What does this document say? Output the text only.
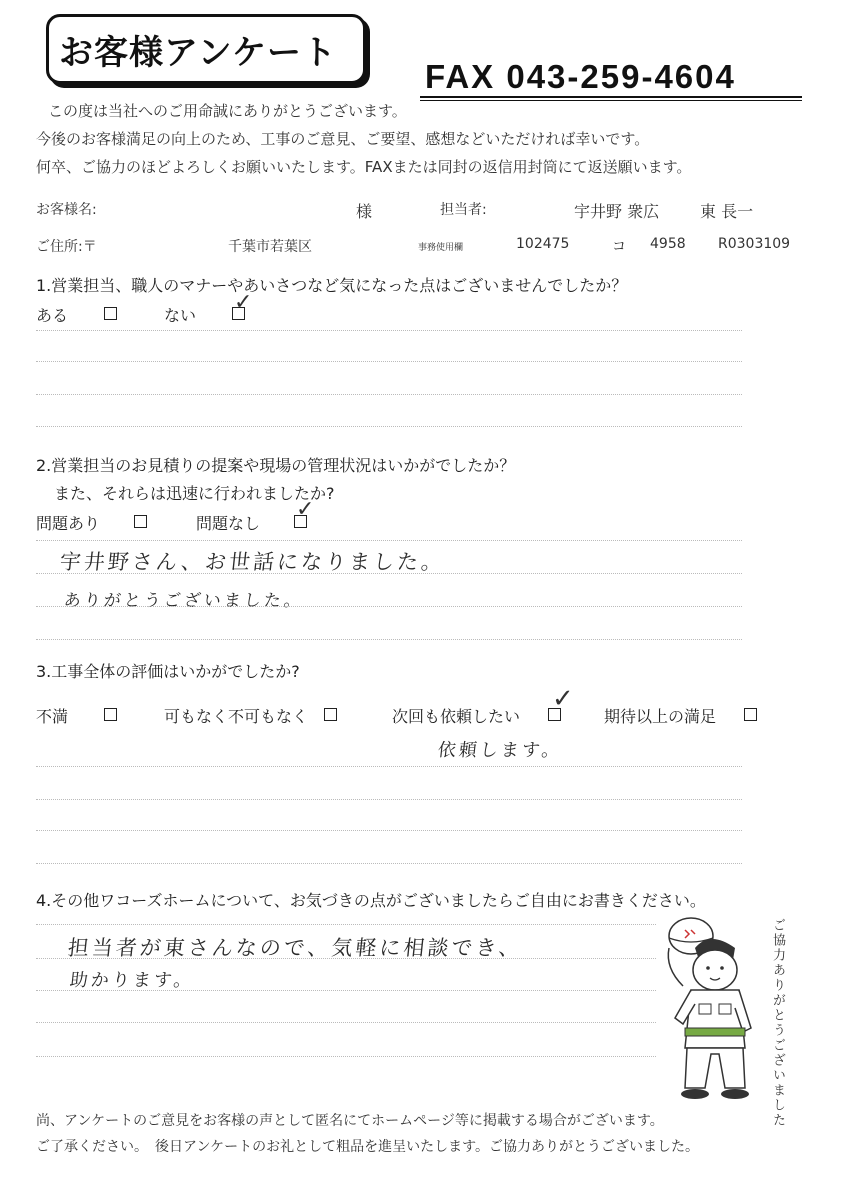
お客様アンケート
FAX 043-259-4604
この度は当社へのご用命誠にありがとうございます。
今後のお客様満足の向上のため、工事のご意見、ご要望、感想などいただければ幸いです。
何卒、ご協力のほどよろしくお願いいたします。FAXまたは同封の返信用封筒にて返送願います。
お客様名:	様	担当者:	宇井野 衆広	東 長一
ご住所:〒	千葉市若葉区	事務使用欄	102475	コ 4958 R0303109
1.営業担当、職人のマナーやあいさつなど気になった点はございませんでしたか？
ある	ない
✓
2.営業担当のお見積りの提案や現場の管理状況はいかがでしたか？
また、それらは迅速に行われましたか?
問題あり	問題なし
✓
宇井野さん、お世話になりました。
ありがとうございました。
3.工事全体の評価はいかがでしたか?
不満	可もなく不可もなく	次回も依頼したい
✓
期待以上の満足
依頼します。
4.その他ワコーズホームについて、お気づきの点がございましたらご自由にお書きください。
担当者が東さんなので、気軽に相談でき、
助かります。	ご協力ありがとうございました
尚、アンケートのご意見をお客様の声として匿名にてホームページ等に掲載する場合がございます。
ご了承ください。　後日アンケートのお礼として粗品を進呈いたします。ご協力ありがとうございました。
